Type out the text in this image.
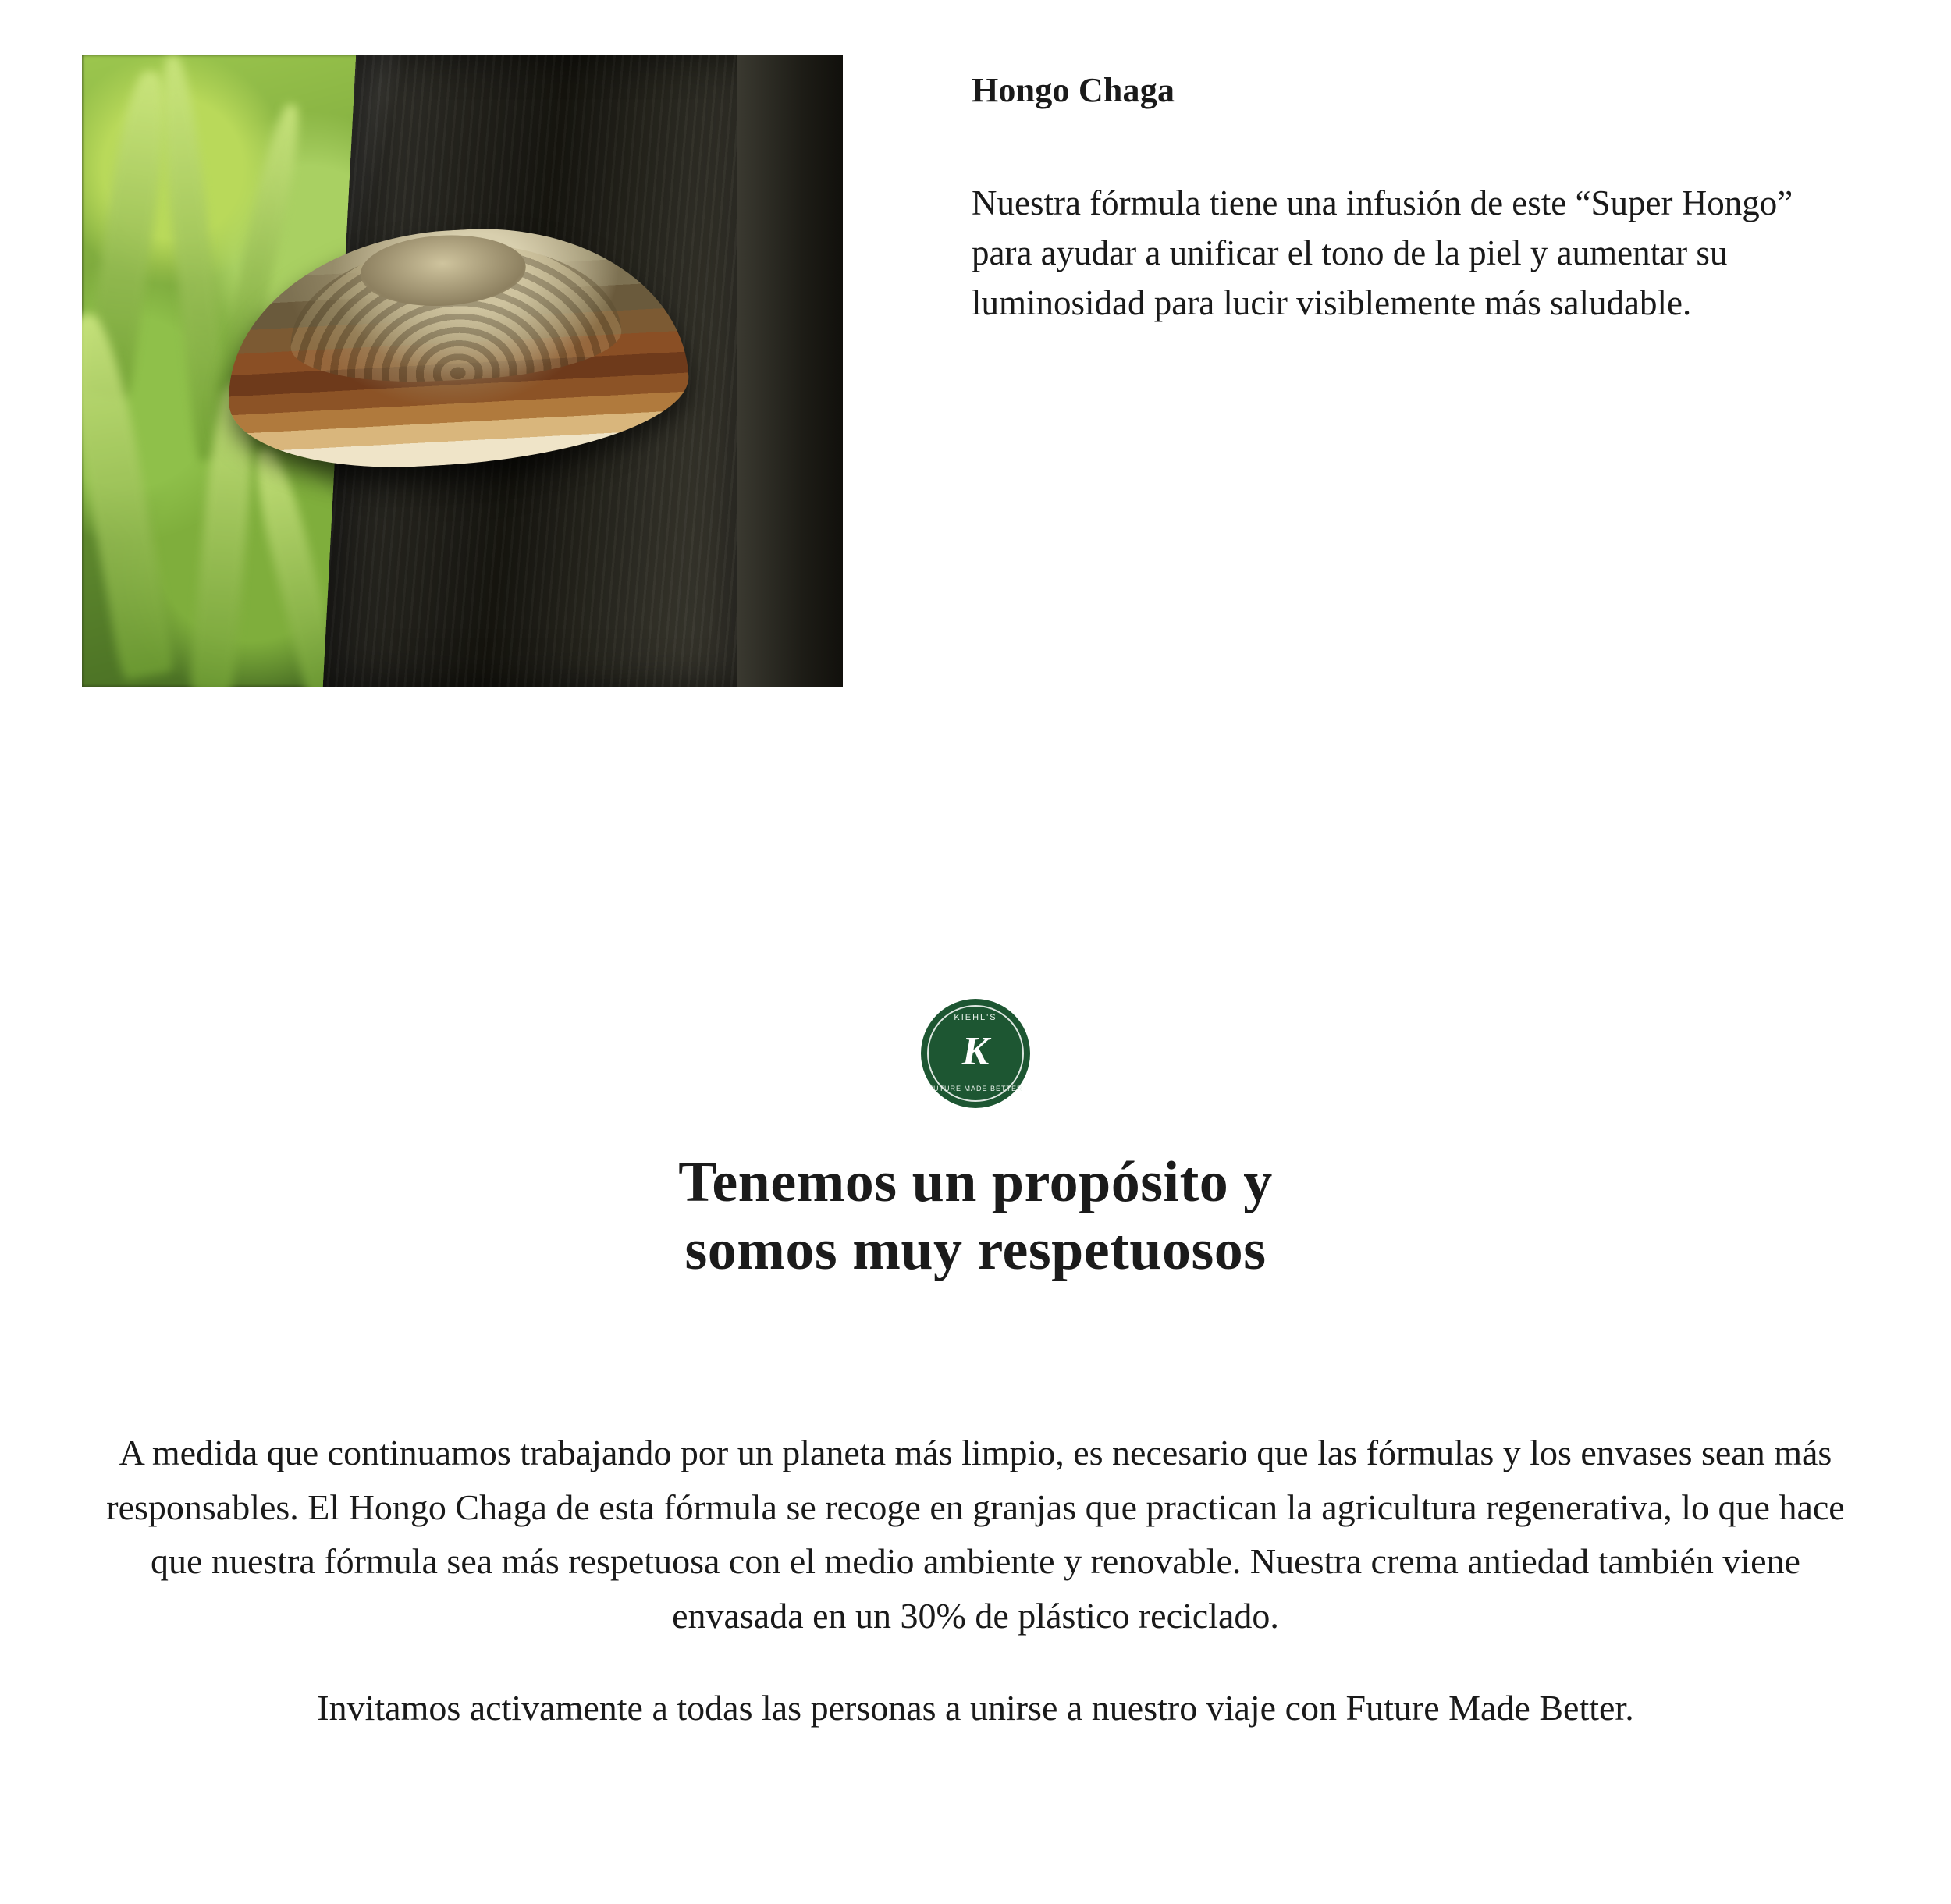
Hongo Chaga

Nuestra fórmula tiene una infusión de este “Super Hongo” para ayudar a unificar el tono de la piel y aumentar su luminosidad para lucir visiblemente más saludable.

KIEHL'S
K
FUTURE MADE BETTER
Tenemos un propósito y
somos muy respetuosos

A medida que continuamos trabajando por un planeta más limpio, es necesario que las fórmulas y los envases sean más responsables. El Hongo Chaga de esta fórmula se recoge en granjas que practican la agricultura regenerativa, lo que hace que nuestra fórmula sea más respetuosa con el medio ambiente y renovable. Nuestra crema antiedad también viene envasada en un 30% de plástico reciclado.

Invitamos activamente a todas las personas a unirse a nuestro viaje con Future Made Better.
